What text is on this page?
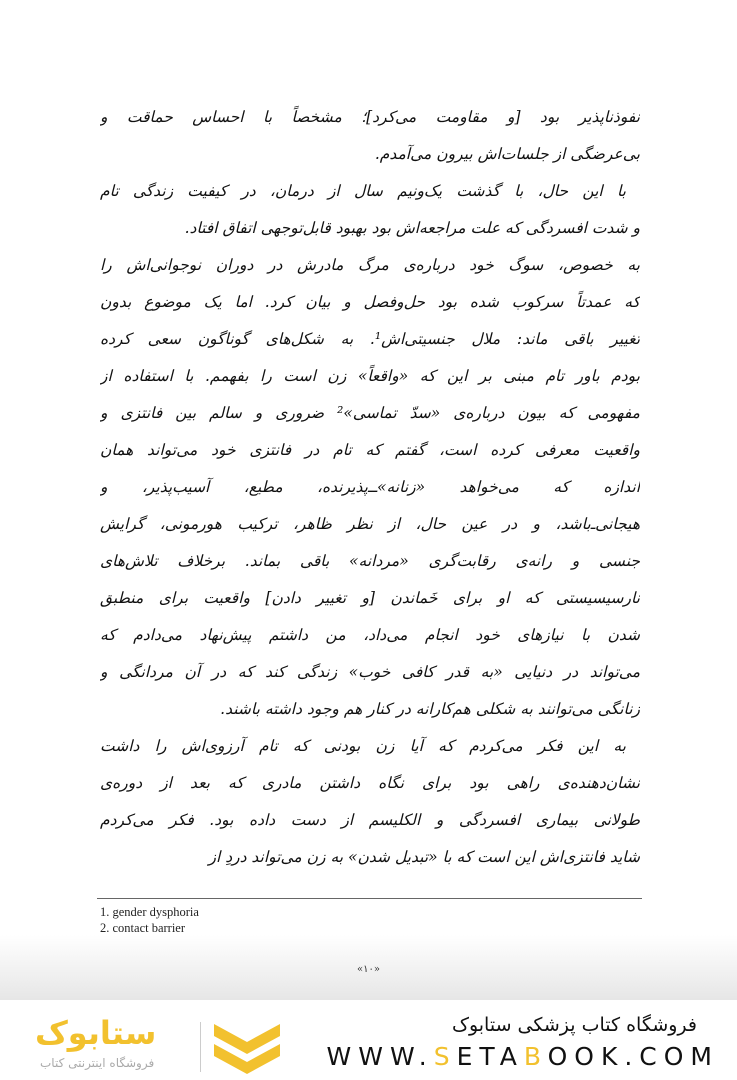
نفوذناپذیر بود [و مقاومت می‌کرد]؛ مشخصاً با احساس حماقت و
بی‌عرضگی از جلسات‌اش بیرون می‌آمدم.
با این حال، با گذشت یک‌ونیم سال از درمان، در کیفیت زندگی تام
و شدت افسردگی که علت مراجعه‌اش بود بهبود قابل‌توجهی اتفاق افتاد.
به خصوص، سوگ خود درباره‌ی مرگ مادرش در دوران نوجوانی‌اش را
که عمدتاً سرکوب شده بود حل‌وفصل و بیان کرد. اما یک موضوع بدون
تغییر باقی ماند: ملال جنسیتی‌اش¹. به شکل‌های گوناگون سعی کرده
بودم باور تام مبنی بر این که «واقعاً» زن است را بفهمم. با استفاده از
مفهومی که بیون درباره‌ی «سدّ تماسی»² ضروری و سالم بین فانتزی و
واقعیت معرفی کرده است، گفتم که تام در فانتزی خود می‌تواند همان
اندازه که می‌خواهد «زنانه»ـ‌ـ‌پذیرنده، مطیع، آسیب‌پذیر، و
هیجانی‌ـ‌باشد، و در عین حال، از نظر ظاهر، ترکیب هورمونی، گرایش
جنسی و رانه‌ی رقابت‌گری «مردانه» باقی بماند. برخلاف تلاش‌های
نارسیسیستی که او برای خَماندن [و تغییر دادن] واقعیت برای منطبق
شدن با نیازهای خود انجام می‌داد، من داشتم پیش‌نهاد می‌دادم که
می‌تواند در دنیایی «به قدر کافی خوب» زندگی کند که در آن مردانگی و
زنانگی می‌توانند به شکلی هم‌کارانه در کنار هم وجود داشته باشند.
به این فکر می‌کردم که آیا زن بودنی که تام آرزوی‌اش را داشت
نشان‌دهنده‌ی راهی بود برای نگاه داشتن مادری که بعد از دوره‌ی
طولانی بیماری افسردگی و الکلیسم از دست داده بود. فکر می‌کردم
شاید فانتزی‌اش این است که با «تبدیل شدن» به زن می‌تواند دردِ از
1. gender dysphoria
2. contact barrier
«۱۰»
فروشگاه کتاب پزشکی ستابوک
WWW.SETABOOK.COM
ستابوک
فروشگاه اینترنتی کتاب
